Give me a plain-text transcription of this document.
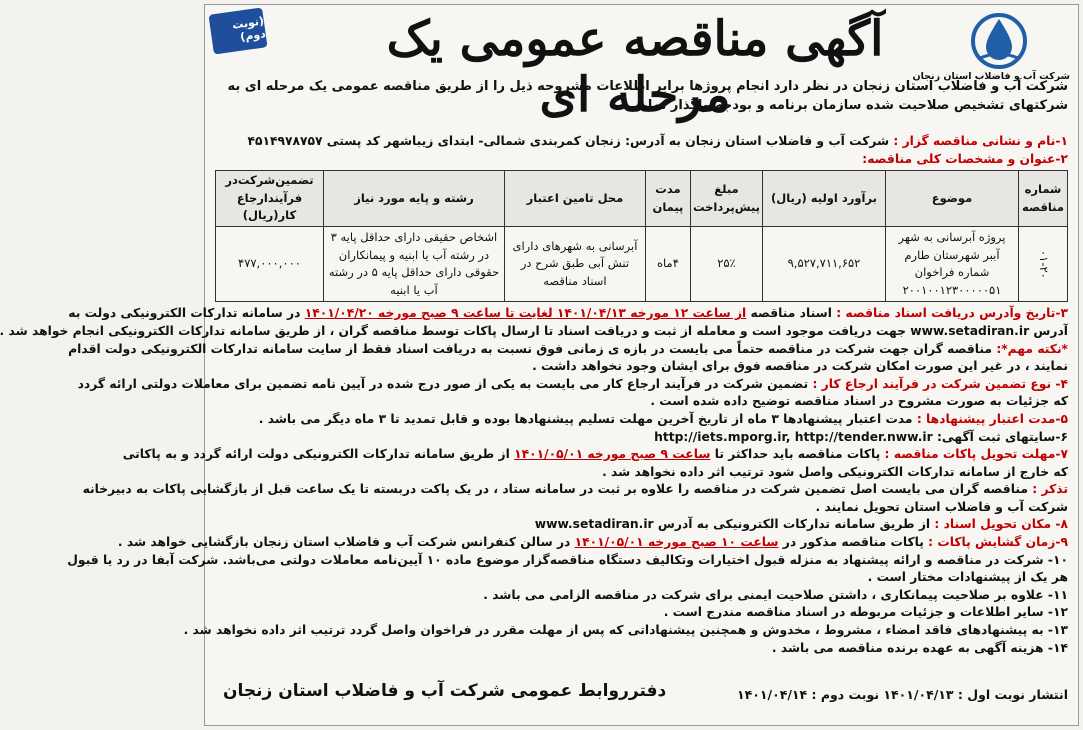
(نوبت دوم)	آگهی مناقصه عمومی یک مرحله ای	شرکت آب و فاضلاب استان زنجان
شرکت آب و فاضلاب استان زنجان در نظر دارد انجام پروژها برابر اطلاعات مشروحه ذیل را از طریق مناقصه عمومی یک مرحله ای به شرکتهای تشخیص صلاحیت شده سازمان برنامه و بودجه واگذار نماید .
۱-نام و نشانی مناقصه گزار : شرکت آب و فاضلاب استان زنجان به آدرس: زنجان کمربندی شمالی- ابتدای زیباشهر کد پستی ۴۵۱۴۹۷۸۷۵۷
۲-عنوان و مشخصات کلی مناقصه:
شماره مناقصه	موضوع	برآورد اولیه (ریال)	مبلغ پیش‌پرداخت	مدت پیمان	محل تامین اعتبار	رشته و پایه مورد نیاز	تضمین‌شرکت‌در فرآیندارجاع کار(ریال)
۰۱-۲۰	پروژه آبرسانی به شهر آببر شهرستان طارم شماره فراخوان ۲۰۰۱۰۰۱۲۳۰۰۰۰۰۵۱	۹,۵۲۷,۷۱۱,۶۵۲	۲۵٪	۴ماه	آبرسانی به شهرهای دارای تنش آبی طبق شرح در اسناد مناقصه	اشخاص حقیقی دارای حداقل پایه ۳ در رشته آب یا ابنیه و پیمانکاران حقوقی دارای حداقل پایه ۵ در رشته آب یا ابنیه	۴۷۷,۰۰۰,۰۰۰
۳-تاریخ وآدرس دریافت اسناد مناقصه : اسناد مناقصه از ساعت ۱۲ مورخه ۱۴۰۱/۰۴/۱۳ لغایت تا ساعت ۹ صبح مورخه ۱۴۰۱/۰۴/۲۰ در سامانه تدارکات الکترونیکی دولت به
آدرس www.setadiran.ir جهت دریافت موجود است و معامله از ثبت و دریافت اسناد تا ارسال پاکات توسط مناقصه گران ، از طریق سامانه تدارکات الکترونیکی انجام خواهد شد .
*نکته مهم*: مناقصه گران جهت شرکت در مناقصه حتماً می بایست در بازه ی زمانی فوق نسبت به دریافت اسناد فقط از سایت سامانه تدارکات الکترونیکی دولت اقدام
نمایند ، در غیر این صورت امکان شرکت در مناقصه فوق برای ایشان وجود نخواهد داشت .
۴- نوع تضمین شرکت در فرآیند ارجاع کار : تضمین شرکت در فرآیند ارجاع کار می بایست به یکی از صور درج شده در آیین نامه تضمین برای معاملات دولتی ارائه گردد
که جزئیات به صورت مشروح در اسناد مناقصه توضیح داده شده است .
۵-مدت اعتبار پیشنهادها : مدت اعتبار پیشنهادها ۳ ماه از تاریخ آخرین مهلت تسلیم پیشنهادها بوده و قابل تمدید تا ۳ ماه دیگر می باشد .
۶-سایتهای ثبت آگهی: http://iets.mporg.ir, http://tender.nww.ir
۷-مهلت تحویل پاکات مناقصه : پاکات مناقصه باید حداکثر تا ساعت ۹ صبح مورخه ۱۴۰۱/۰۵/۰۱ از طریق سامانه تدارکات الکترونیکی دولت ارائه گردد و به پاکاتی
که خارج از سامانه تدارکات الکترونیکی واصل شود ترتیب اثر داده نخواهد شد .
تذکر : مناقصه گران می بایست اصل تضمین شرکت در مناقصه را علاوه بر ثبت در سامانه ستاد ، در یک پاکت دربسته تا یک ساعت قبل از بازگشایی پاکات به دبیرخانه
شرکت آب و فاضلاب استان تحویل نمایند .
۸- مکان تحویل اسناد : از طریق سامانه تدارکات الکترونیکی به آدرس www.setadiran.ir
۹-زمان گشایش پاکات : پاکات مناقصه مذکور در ساعت ۱۰ صبح مورخه ۱۴۰۱/۰۵/۰۱ در سالن کنفرانس شرکت آب و فاضلاب استان زنجان بازگشایی خواهد شد .
۱۰- شرکت در مناقصه و ارائه پیشنهاد به منزله قبول اختیارات وتکالیف دستگاه مناقصه‌گزار موضوع ماده ۱۰ آیین‌نامه معاملات دولتی می‌باشد. شرکت آبفا در رد یا قبول
هر یک از پیشنهادات مختار است .
۱۱- علاوه بر صلاحیت پیمانکاری ، داشتن صلاحیت ایمنی برای شرکت در مناقصه الزامی می باشد .
۱۲- سایر اطلاعات و جزئیات مربوطه در اسناد مناقصه مندرج است .
۱۳- به پیشنهادهای فاقد امضاء ، مشروط ، مخدوش و همچنین پیشنهاداتی که پس از مهلت مقرر در فراخوان واصل گردد ترتیب اثر داده نخواهد شد .
۱۴- هزینه آگهی به عهده برنده مناقصه می باشد .
انتشار نوبت اول : ۱۴۰۱/۰۴/۱۳ نوبت دوم : ۱۴۰۱/۰۴/۱۴
دفترروابط عمومی شرکت آب و فاضلاب استان زنجان
